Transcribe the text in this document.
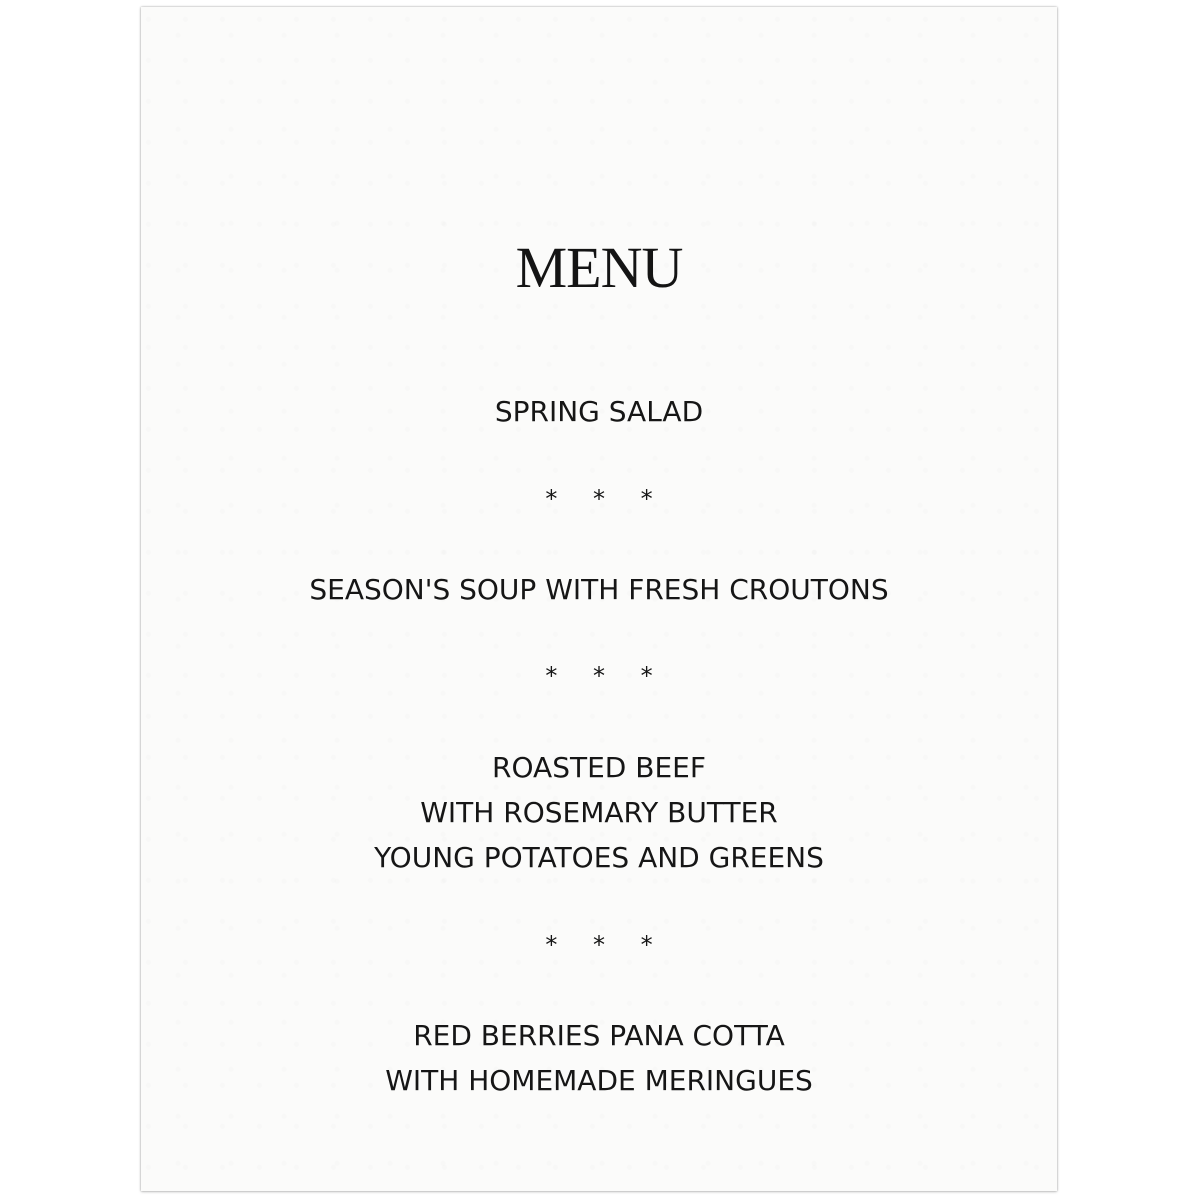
MENU
SPRING SALAD
* * *
SEASON'S SOUP WITH FRESH CROUTONS
* * *
ROASTED BEEF
WITH ROSEMARY BUTTER
YOUNG POTATOES AND GREENS
* * *
RED BERRIES PANA COTTA
WITH HOMEMADE MERINGUES
